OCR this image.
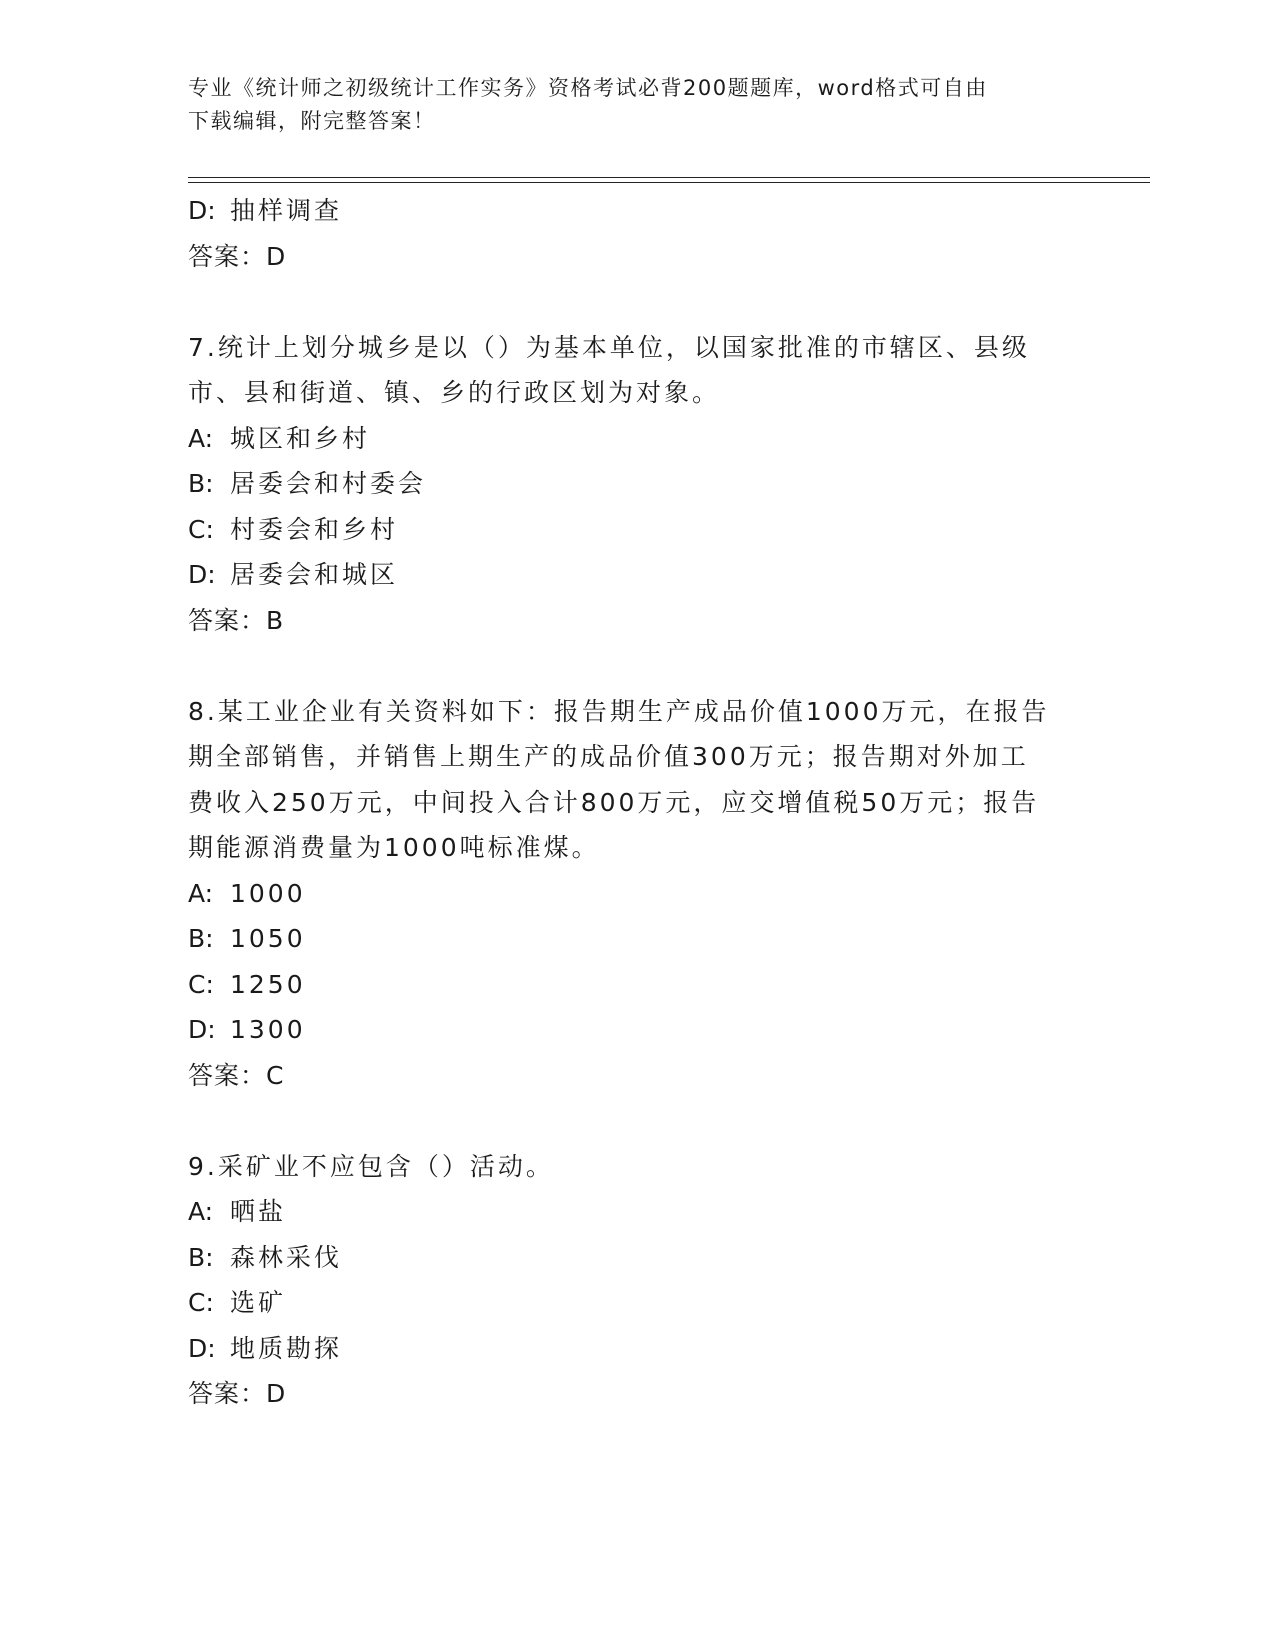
专业《统计师之初级统计工作实务》资格考试必背200题题库，word格式可自由
下载编辑，附完整答案！
D: 抽样调查
答案：D
7.统计上划分城乡是以（）为基本单位，以国家批准的市辖区、县级
市、县和街道、镇、乡的行政区划为对象。
A: 城区和乡村
B: 居委会和村委会
C: 村委会和乡村
D: 居委会和城区
答案：B
8.某工业企业有关资料如下：报告期生产成品价值1000万元，在报告
期全部销售，并销售上期生产的成品价值300万元；报告期对外加工
费收入250万元，中间投入合计800万元，应交增值税50万元；报告
期能源消费量为1000吨标准煤。
A: 1000
B: 1050
C: 1250
D: 1300
答案：C
9.采矿业不应包含（）活动。
A: 晒盐
B: 森林采伐
C: 选矿
D: 地质勘探
答案：D
